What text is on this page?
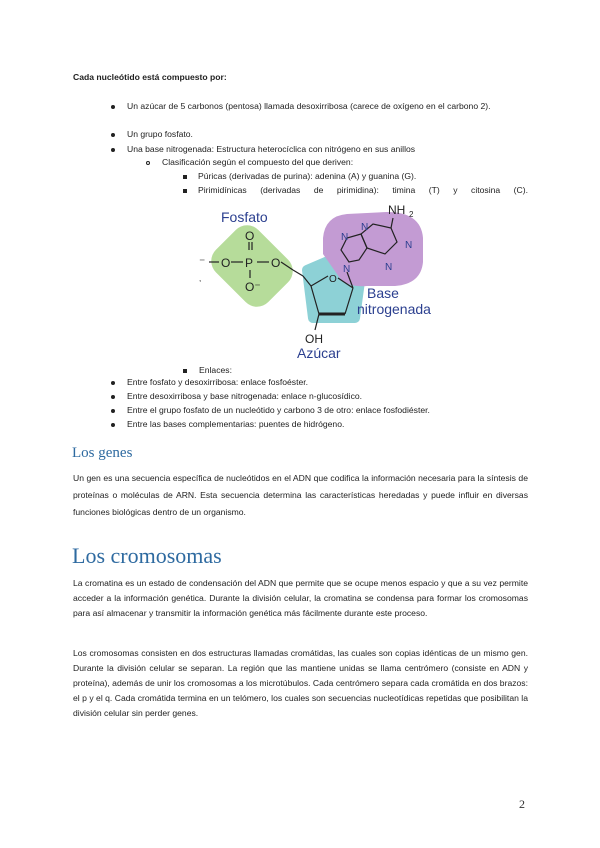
Cada nucleótido está compuesto por:
Un azúcar de 5 carbonos (pentosa) llamada desoxirribosa (carece de oxígeno en el carbono 2).
Un grupo fosfato.
Una base nitrogenada: Estructura heterocíclica con nitrógeno en sus anillos
Clasificación según el compuesto del que deriven:
Púricas (derivadas de purina): adenina (A) y guanina (G).
Pirimidínicas (derivadas de pirimidina): timina (T) y citosina (C).
⁻ O P O
O
O⁻
O
OH
N
N
NH 2
N
N
N
Fosfato
Base
nitrogenada
Azúcar
,
Enlaces:
Entre fosfato y desoxirribosa: enlace fosfoéster.
Entre desoxirribosa y base nitrogenada: enlace n-glucosídico.
Entre el grupo fosfato de un nucleótido y carbono 3 de otro: enlace fosfodiéster.
Entre las bases complementarias: puentes de hidrógeno.
Los genes
Un gen es una secuencia específica de nucleótidos en el ADN que codifica la información necesaria para la síntesis de proteínas o moléculas de ARN. Esta secuencia determina las características heredadas y puede influir en diversas funciones biológicas dentro de un organismo.
Los cromosomas
La cromatina es un estado de condensación del ADN que permite que se ocupe menos espacio y que a su vez permite acceder a la información genética. Durante la división celular, la cromatina se condensa para formar los cromosomas para así almacenar y transmitir la información genética más fácilmente durante este proceso.
Los cromosomas consisten en dos estructuras llamadas cromátidas, las cuales son copias idénticas de un mismo gen. Durante la división celular se separan. La región que las mantiene unidas se llama centrómero (consiste en ADN y proteína), además de unir los cromosomas a los microtúbulos. Cada centrómero separa cada cromátida en dos brazos: el p y el q. Cada cromátida termina en un telómero, los cuales son secuencias nucleotídicas repetidas que posibilitan la división celular sin perder genes.
2
